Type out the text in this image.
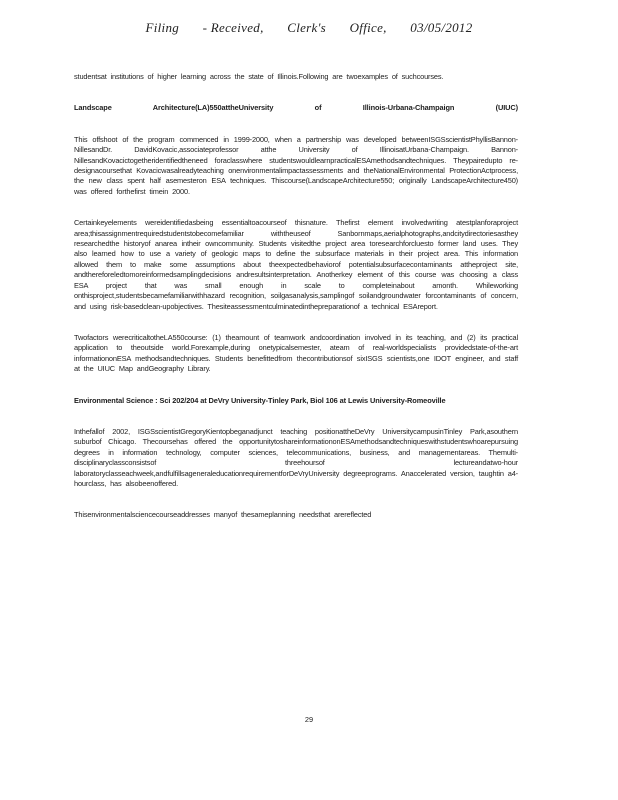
Filing - Received, Clerk's Office, 03/05/2012

studentsat institutions of higher learning across the state of Illinois.Following are twoexamples of suchcourses.

Landscape Architecture(LA)550attheUniversity of Illinois-Urbana-Champaign (UIUC)

This offshoot of the program commenced in 1999-2000, when a partnership was developed betweenISGSscientistPhyllisBannon-NillesandDr. DavidKovacic,associateprofessor atthe University of IllinoisatUrbana-Champaign. Bannon-NillesandKovacictogetheridentifiedtheneed foraclasswhere studentswouldlearnpracticalESAmethodsandtechniques. Theypairedupto re-designacoursethat Kovacicwasalreadyteaching onenvironmentalimpactassessments and theNationalEnvironmental ProtectionActprocess, the new class spent half asemesteron ESA techniques. Thiscourse(LandscapeArchitecture550; originally LandscapeArchitecture450) was offered forthefirst timein 2000.

Certainkeyelements wereidentifiedasbeing essentialtoacourseof thisnature. Thefirst element involvedwriting atestplanforaproject area;thisassignmentrequiredstudentstobecomefamiliar withtheuseof Sanbornmaps,aerialphotographs,andcitydirectoriesasthey researchedthe historyof anarea intheir owncommunity. Students visitedthe project area toresearchforcluesto former land uses. They also learned how to use a variety of geologic maps to define the subsurface materials in their project area. This information allowed them to make some assumptions about theexpectedbehaviorof potentialsubsurfacecontaminants attheproject site, andthereforeledtomoreinformedsamplingdecisions andresultsinterpretation. Anotherkey element of this course was choosing a class ESA project that was small enough in scale to completeinabout amonth. Whileworking onthisproject,studentsbecamefamiliarwithhazard recognition, soilgasanalysis,samplingof soilandgroundwater forcontaminants of concern, and using risk-basedclean-upobjectives. Thesiteassessmentculminatedinthepreparationof a technical ESAreport.

Twofactors werecriticaltotheLA550course: (1) theamount of teamwork andcoordination involved in its teaching, and (2) its practical application to theoutside world.Forexample,during onetypicalsemester, ateam of real-worldspecialists providedstate-of-the-art informationonESA methodsandtechniques. Students benefittedfrom thecontributionsof sixISGS scientists,one IDOT engineer, and staff at the UIUC Map andGeography Library.

Environmental Science : Sci 202/204 at DeVry University-Tinley Park, Biol 106 at Lewis University-Romeoville

Inthefallof 2002, ISGSscientistGregoryKientopbeganadjunct teaching positionattheDeVry UniversitycampusinTinley Park,asouthern suburbof Chicago. Thecoursehas offered the opportunitytoshareinformationonESAmethodsandtechniqueswithstudentswhoarepursuing degrees in information technology, computer sciences, telecommunications, business, and managementareas. Themulti-disciplinaryclassconsistsof threehoursof lectureandatwo-hour laboratoryclasseachweek,andfulfillsageneraleducationrequirementforDeVryUniversity degreeprograms. Anaccelerated version, taughtin a4-hourclass, has alsobeenoffered.

Thisenvironmentalsciencecourseaddresses manyof thesameplanning needsthat arereflected

29
